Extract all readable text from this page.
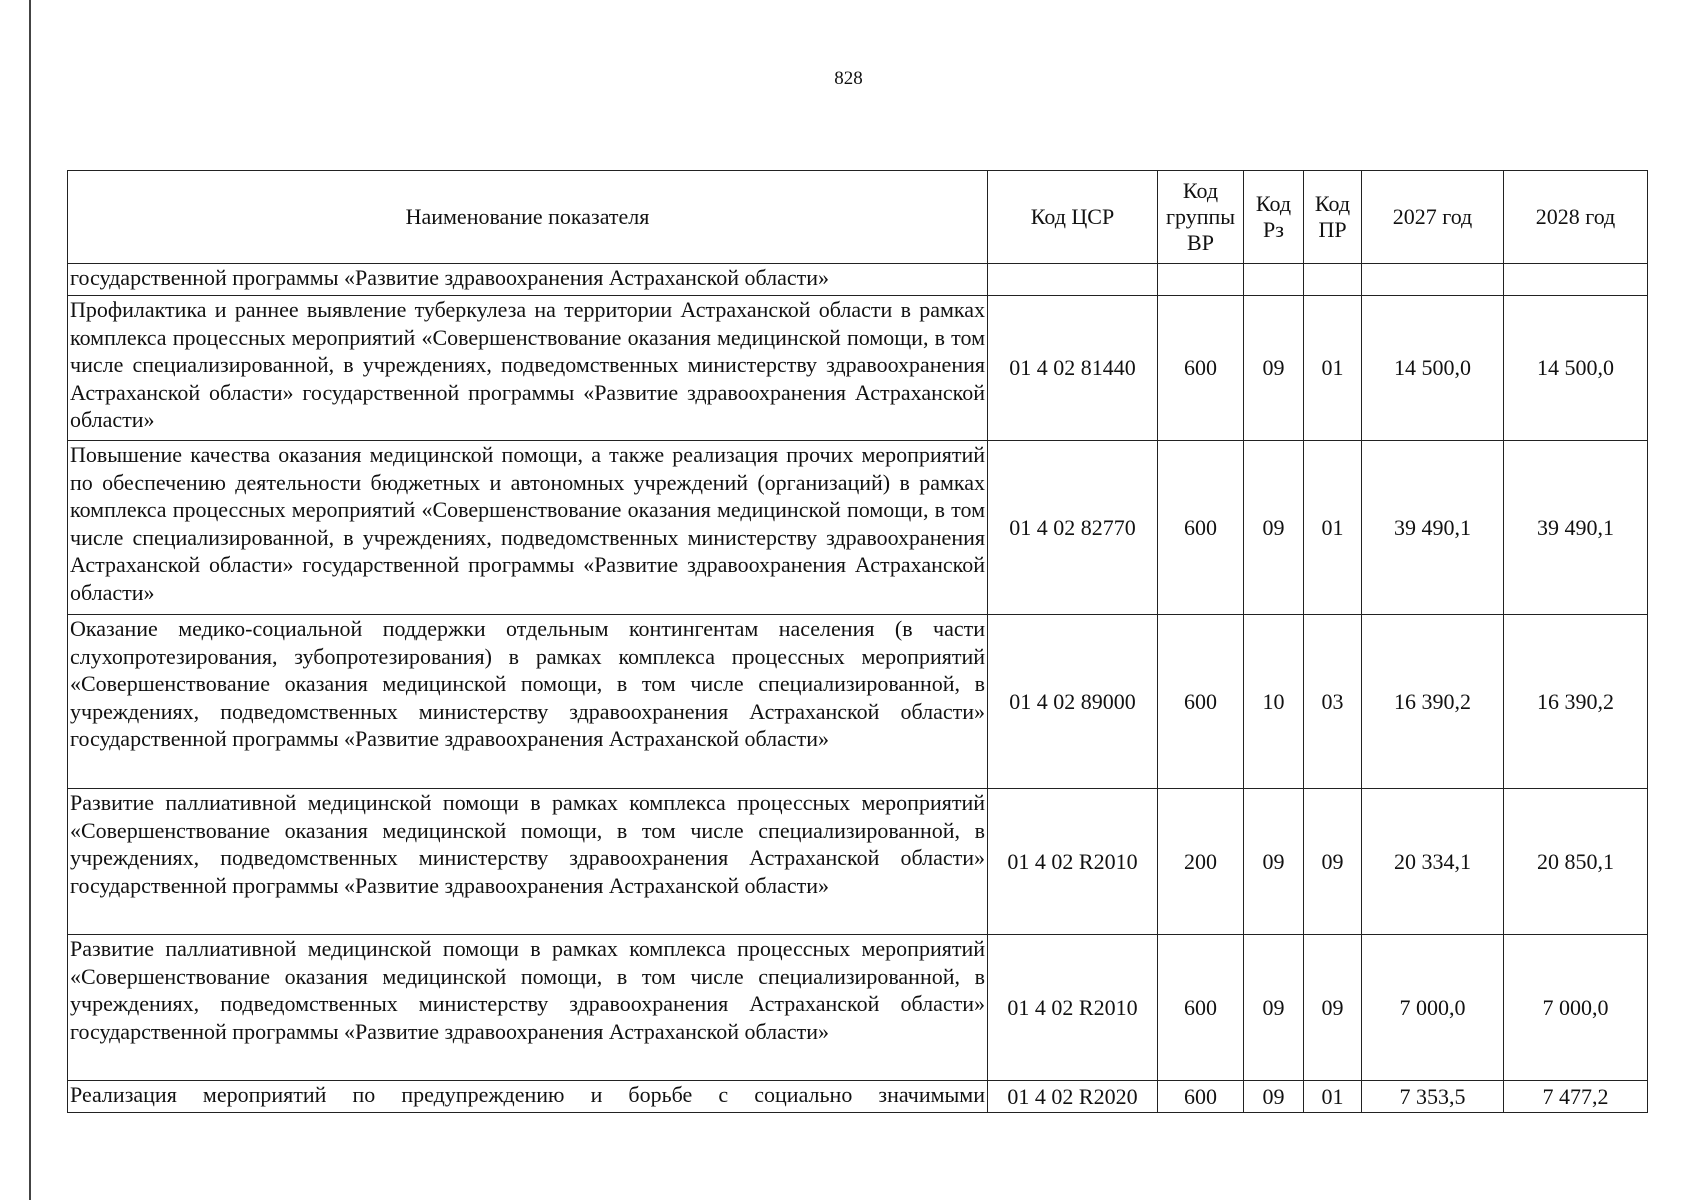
828
Наименование показателя	Код ЦСР	Код группы ВР	Код Рз	Код ПР	2027 год	2028 год
государственной программы «Развитие здравоохранения Астраханской области»						
Профилактика и раннее выявление туберкулеза на территории Астраханской области в рамках комплекса процессных мероприятий «Совершенствование оказания медицинской помощи, в том числе специализированной, в учреждениях, подведомственных министерству здравоохранения Астраханской области» государственной программы «Развитие здравоохранения Астраханской области»	01 4 02 81440	600	09	01	14 500,0	14 500,0
Повышение качества оказания медицинской помощи, а также реализация прочих мероприятий по обеспечению деятельности бюджетных и автономных учреждений (организаций) в рамках комплекса процессных мероприятий «Совершенствование оказания медицинской помощи, в том числе специализированной, в учреждениях, подведомственных министерству здравоохранения Астраханской области» государственной программы «Развитие здравоохранения Астраханской области»	01 4 02 82770	600	09	01	39 490,1	39 490,1
Оказание медико-социальной поддержки отдельным контингентам населения (в части слухопротезирования, зубопротезирования) в рамках комплекса процессных мероприятий «Совершенствование оказания медицинской помощи, в том числе специализированной, в учреждениях, подведомственных министерству здравоохранения Астраханской области» государственной программы «Развитие здравоохранения Астраханской области»	01 4 02 89000	600	10	03	16 390,2	16 390,2
Развитие паллиативной медицинской помощи в рамках комплекса процессных мероприятий «Совершенствование оказания медицинской помощи, в том числе специализированной, в учреждениях, подведомственных министерству здравоохранения Астраханской области» государственной программы «Развитие здравоохранения Астраханской области»	01 4 02 R2010	200	09	09	20 334,1	20 850,1
Развитие паллиативной медицинской помощи в рамках комплекса процессных мероприятий «Совершенствование оказания медицинской помощи, в том числе специализированной, в учреждениях, подведомственных министерству здравоохранения Астраханской области» государственной программы «Развитие здравоохранения Астраханской области»	01 4 02 R2010	600	09	09	7 000,0	7 000,0
Реализация мероприятий по предупреждению и борьбе с социально значимыми	01 4 02 R2020	600	09	01	7 353,5	7 477,2
